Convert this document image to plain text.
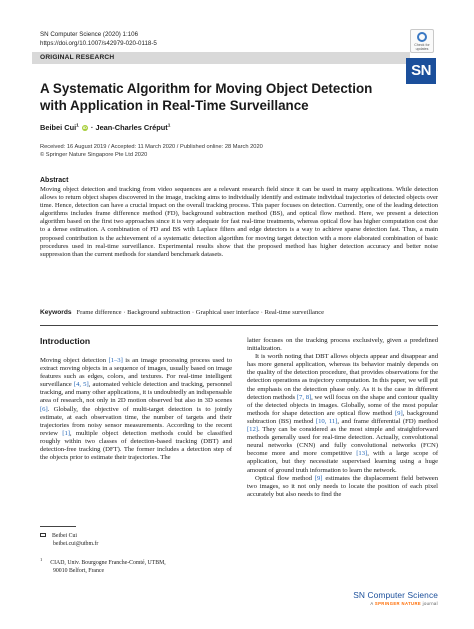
SN Computer Science (2020) 1:106
https://doi.org/10.1007/s42979-020-0118-5
ORIGINAL RESEARCH
Check for
updates
SN
A Systematic Algorithm for Moving Object Detection with Application in Real-Time Surveillance
Beibei Cui$^1$ iD · Jean-Charles Créput$^1$
Received: 16 August 2019 / Accepted: 11 March 2020 / Published online: 28 March 2020
© Springer Nature Singapore Pte Ltd 2020
Abstract
Moving object detection and tracking from video sequences are a relevant research field since it can be used in many applications. While detection allows to return object shapes discovered in the image, tracking aims to individually identify and estimate individual trajectories of detected objects over time. Hence, detection can have a crucial impact on the overall tracking process. This paper focuses on detection. Currently, one of the leading detection algorithms includes frame difference method (FD), background subtraction method (BS), and optical flow method. Here, we present a detection algorithm based on the first two approaches since it is very adequate for fast real-time treatments, whereas optical flow has higher computation cost due to a dense estimation. A combination of FD and BS with Laplace filters and edge detectors is a way to achieve sparse detection fast. Thus, a main proposed contribution is the achievement of a systematic detection algorithm for moving target detection with a more elaborated combination of basic procedures used in real-time surveillance. Experimental results show that the proposed method has higher detection accuracy and better noise suppression than the current methods for standard benchmark datasets.
Keywords Frame difference · Background subtraction · Graphical user interface · Real-time surveillance
Introduction

Moving object detection [1–3] is an image processing process used to extract moving objects in a sequence of images, usually based on image features such as edges, colors, and textures. For real-time intelligent surveillance [4, 5], automated vehicle detection and tracking, personnel tracking, and many other applications, it is undoubtedly an indispensable area of research, not only in 2D motion observed but also in 3D scenes [6]. Globally, the objective of multi-target detection is to jointly estimate, at each observation time, the number of targets and their trajectories from noisy sensor measurements. According to the recent review [1], multiple object detection methods could be classified roughly within two classes of detection-based tracking (DBT) and detection-free tracking (DFT). The former includes a detection step of the objects prior to estimate their trajectories. The

latter focuses on the tracking process exclusively, given a predefined initialization.

It is worth noting that DBT allows objects appear and disappear and has more general application, whereas its behavior mainly depends on the quality of the detection procedure, that provides observations for the detection operations as trajectory computation. In this paper, we will put the emphasis on the detection phase only. As it is the case in different detection methods [7, 8], we will focus on the shape and contour quality of the detected objects in images. Globally, some of the most popular methods for shape detection are optical flow method [9], background subtraction (BS) method [10, 11], and frame differential (FD) method [12]. They can be considered as the most simple and straightforward methods generally used for real-time detection. Actually, convolutional neural networks (CNN) and fully convolutional networks (FCN) become more and more competitive [13], with a large scope of application, but they necessitate supervised learning using a huge amount of ground truth information to learn the network.

Optical flow method [9] estimates the displacement field between two images, so it not only needs to locate the position of each pixel accurately but also needs to find the

Beibei Cui
beibei.cui@utbm.fr
$^1$CIAD, Univ. Bourgogne Franche-Comté, UTBM,
90010 Belfort, France
SN Computer Science
A SPRINGER NATURE journal
